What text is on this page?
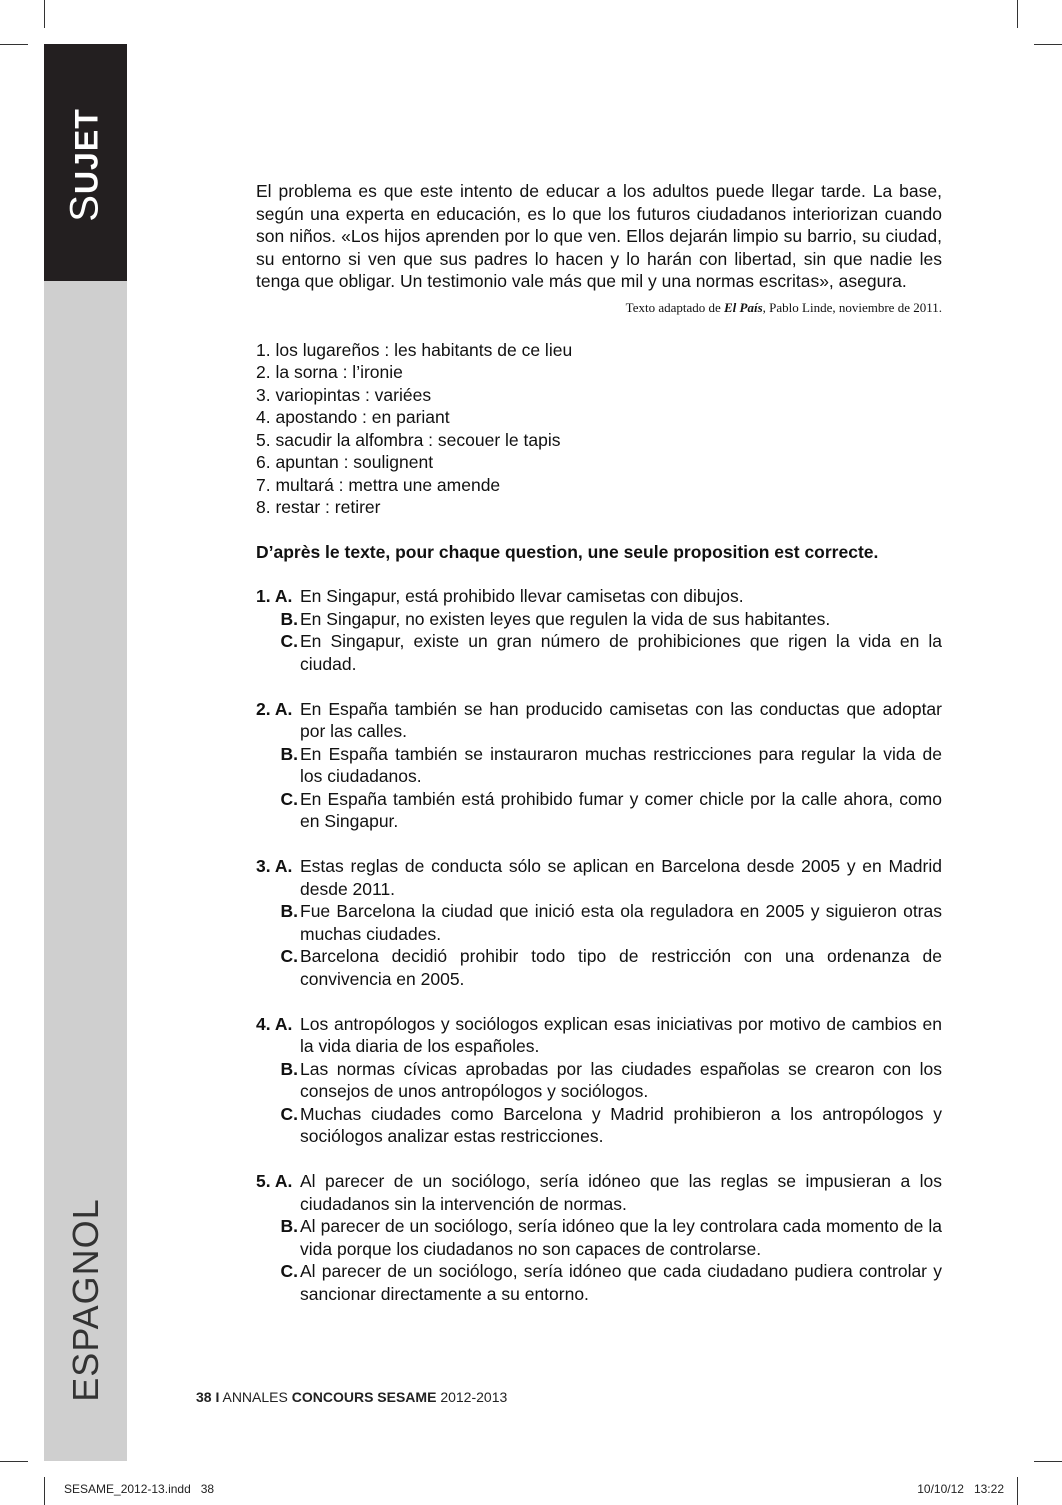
SUJET
ESPAGNOL

El problema es que este intento de educar a los adultos puede llegar tarde. La base, según una experta en educación, es lo que los futuros ciudadanos interiorizan cuando son niños. «Los hijos aprenden por lo que ven. Ellos dejarán limpio su barrio, su ciudad, su entorno si ven que sus padres lo hacen y lo harán con libertad, sin que nadie les tenga que obligar. Un testimonio vale más que mil y una normas escritas», asegura.

Texto adaptado de El País, Pablo Linde, noviembre de 2011.

1. los lugareños : les habitants de ce lieu
2. la sorna : l’ironie
3. variopintas : variées
4. apostando : en pariant
5. sacudir la alfombra : secouer le tapis
6. apuntan : soulignent
7. multará : mettra une amende
8. restar : retirer

D’après le texte, pour chaque question, une seule proposition est correcte.

1. A. En Singapur, está prohibido llevar camisetas con dibujos.
B. En Singapur, no existen leyes que regulen la vida de sus habitantes.
C. En Singapur, existe un gran número de prohibiciones que rigen la vida en la ciudad.
2. A. En España también se han producido camisetas con las conductas que adoptar por las calles.
B. En España también se instauraron muchas restricciones para regular la vida de los ciudadanos.
C. En España también está prohibido fumar y comer chicle por la calle ahora, como en Singapur.
3. A. Estas reglas de conducta sólo se aplican en Barcelona desde 2005 y en Madrid desde 2011.
B. Fue Barcelona la ciudad que inició esta ola reguladora en 2005 y siguieron otras muchas ciudades.
C. Barcelona decidió prohibir todo tipo de restricción con una ordenanza de convivencia en 2005.
4. A. Los antropólogos y sociólogos explican esas iniciativas por motivo de cambios en la vida diaria de los españoles.
B. Las normas cívicas aprobadas por las ciudades españolas se crearon con los consejos de unos antropólogos y sociólogos.
C. Muchas ciudades como Barcelona y Madrid prohibieron a los antropólogos y sociólogos analizar estas restricciones.
5. A. Al parecer de un sociólogo, sería idóneo que las reglas se impusieran a los ciudadanos sin la intervención de normas.
B. Al parecer de un sociólogo, sería idóneo que la ley controlara cada momento de la vida porque los ciudadanos no son capaces de controlarse.
C. Al parecer de un sociólogo, sería idóneo que cada ciudadano pudiera controlar y sancionar directamente a su entorno.
38 I ANNALES CONCOURS SESAME 2012-2013
SESAME_2012-13.indd   38	10/10/12   13:22
